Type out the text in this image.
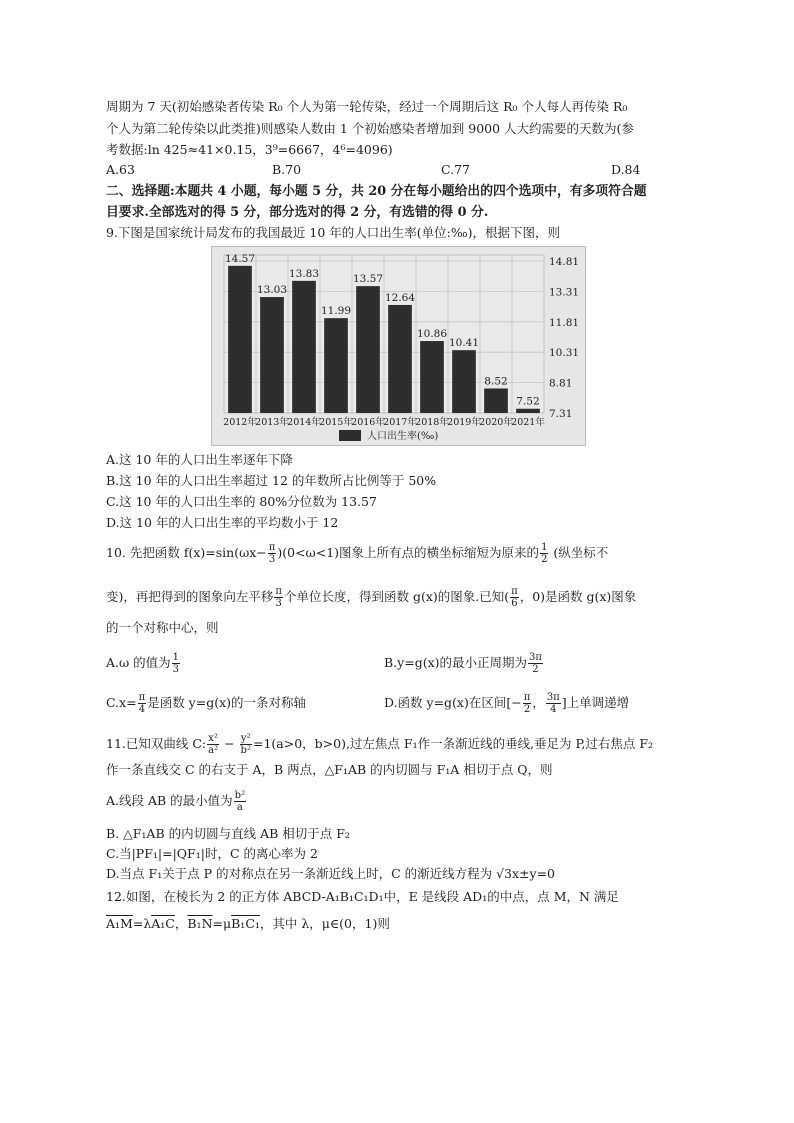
周期为 7 天(初始感染者传染 R₀ 个人为第一轮传染，经过一个周期后这 R₀ 个人每人再传染 R₀
个人为第二轮传染以此类推)则感染人数由 1 个初始感染者增加到 9000 人大约需要的天数为(参
考数据:ln 425≈41×0.15，3⁹=6667，4⁶=4096)
A.63	B.70	C.77	D.84
二、选择题:本题共 4 小题，每小题 5 分，共 20 分在每小题给出的四个选项中，有多项符合题
目要求.全部选对的得 5 分，部分选对的得 2 分，有选错的得 0 分.
9.下图是国家统计局发布的我国最近 10 年的人口出生率(单位:‰)，根据下图，则
14.57
13.03
13.83
11.99
13.57
12.64
10.86
10.41
8.52
7.52
14.81
13.31
11.81
10.31
8.81
7.31
2012年
2013年
2014年
2015年
2016年
2017年
2018年
2019年
2020年
2021年
人口出生率(‰)
A.这 10 年的人口出生率逐年下降
B.这 10 年的人口出生率超过 12 的年数所占比例等于 50%
C.这 10 年的人口出生率的 80%分位数为 13.57
D.这 10 年的人口出生率的平均数小于 12
10. 先把函数 $f(x)=\sin(\omega x- \frac{\pi}{3} )(0<\omega<1)$图象上所有点的横坐标缩短为原来的 $\frac{1}{2}$ (纵坐标不
变)，再把得到的图象向左平移 $\frac{\pi}{3}$ 个单位长度，得到函数 g(x)的图象.已知( $\frac{\pi}{6}$ ，0)是函数 g(x)图象
的一个对称中心，则
A.ω 的值为 $\frac{1}{3}$	B.y=g(x)的最小正周期为 $\frac{3\pi}{2}$
$C.x= \frac{\pi}{4}$ 是函数 y=g(x)的一条对称轴	D.函数 y=g(x)在区间[− $\frac{\pi}{2}$ ， $\frac{3\pi}{4}$ ]上单调递增
11.已知双曲线 C: $\frac{\text{x²}}{\text{a²}} - \frac{\text{y²}}{\text{b²}} =1(a>0$，b>0),过左焦点 F₁作一条渐近线的垂线,垂足为 P,过右焦点 F₂
作一条直线交 C 的右支于 A，B 两点，△F₁AB 的内切圆与 F₁A 相切于点 Q，则
A.线段 AB 的最小值为 $\frac{\text{b²}}{a}$
B. △F₁AB 的内切圆与直线 AB 相切于点 F₂
C.当|PF₁|=|QF₁|时，C 的离心率为 2
D.当点 F₁关于点 P 的对称点在另一条渐近线上时，C 的渐近线方程为 √3x±y=0
12.如图，在棱长为 2 的正方体 ABCD-A₁B₁C₁D₁中，E 是线段 AD₁的中点，点 M，N 满足
A₁M=λA₁C，B₁N=μB₁C₁，其中 λ，μ∈(0，1)则
